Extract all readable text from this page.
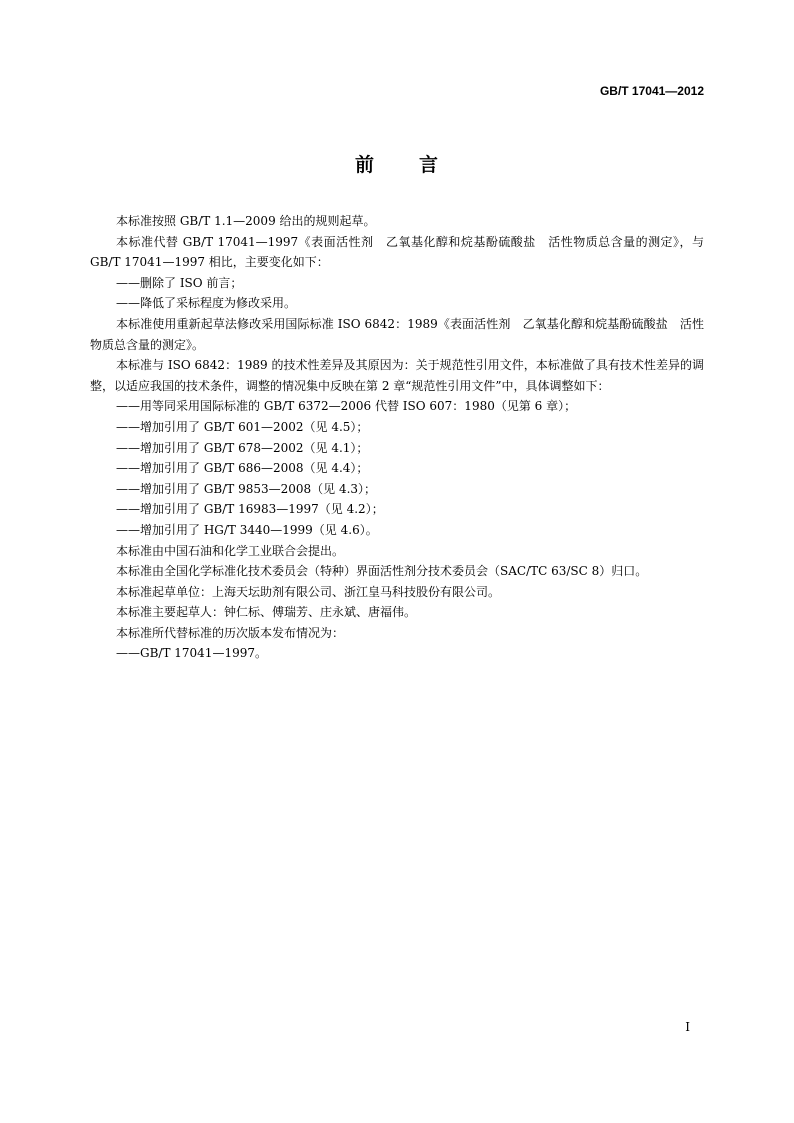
GB/T 17041—2012
前 言

本标准按照 GB/T 1.1—2009 给出的规则起草。

本标准代替 GB/T 17041—1997《表面活性剂　乙氧基化醇和烷基酚硫酸盐　活性物质总含量的测定》，与 GB/T 17041—1997 相比，主要变化如下：

——删除了 ISO 前言；

——降低了采标程度为修改采用。

本标准使用重新起草法修改采用国际标准 ISO 6842：1989《表面活性剂　乙氧基化醇和烷基酚硫酸盐　活性物质总含量的测定》。

本标准与 ISO 6842：1989 的技术性差异及其原因为：关于规范性引用文件，本标准做了具有技术性差异的调整，以适应我国的技术条件，调整的情况集中反映在第 2 章“规范性引用文件”中，具体调整如下：

——用等同采用国际标准的 GB/T 6372—2006 代替 ISO 607：1980（见第 6 章）；

——增加引用了 GB/T 601—2002（见 4.5）；

——增加引用了 GB/T 678—2002（见 4.1）；

——增加引用了 GB/T 686—2008（见 4.4）；

——增加引用了 GB/T 9853—2008（见 4.3）；

——增加引用了 GB/T 16983—1997（见 4.2）；

——增加引用了 HG/T 3440—1999（见 4.6）。

本标准由中国石油和化学工业联合会提出。

本标准由全国化学标准化技术委员会（特种）界面活性剂分技术委员会（SAC/TC 63/SC 8）归口。

本标准起草单位：上海天坛助剂有限公司、浙江皇马科技股份有限公司。

本标准主要起草人：钟仁标、傅瑞芳、庄永斌、唐福伟。

本标准所代替标准的历次版本发布情况为：

——GB/T 17041—1997。

I
